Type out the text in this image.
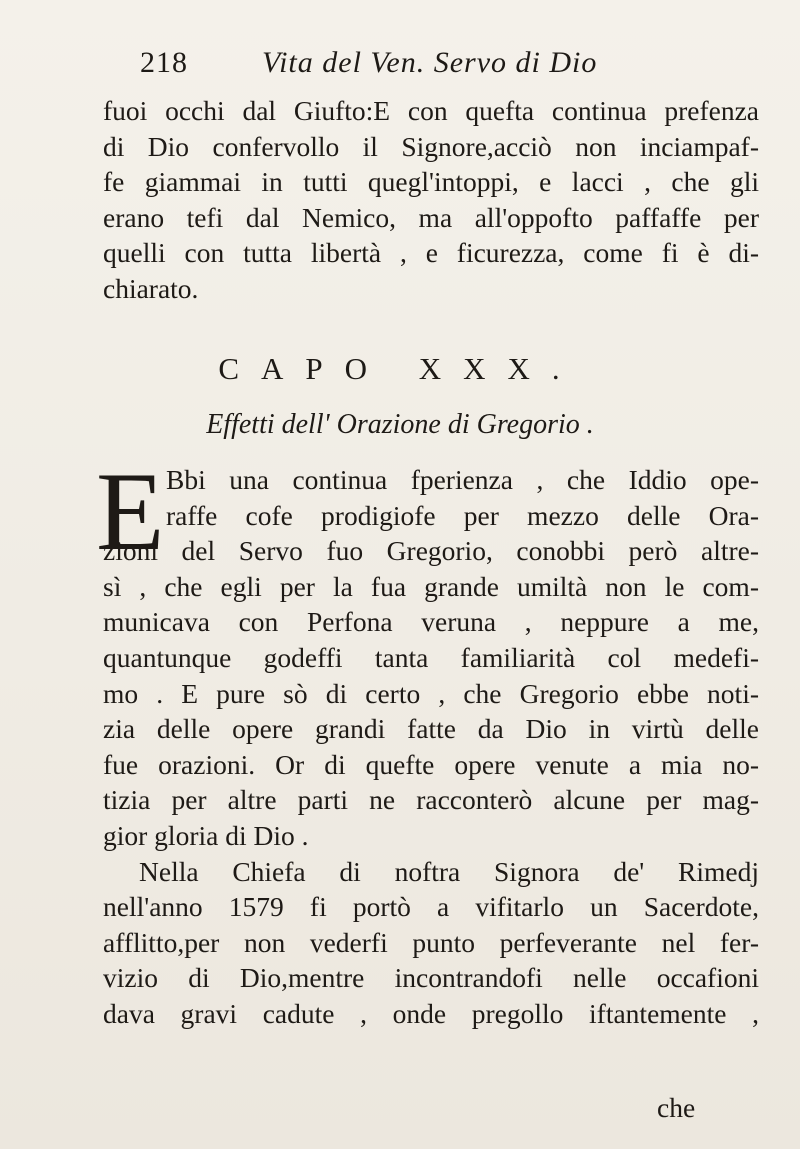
218 Vita del Ven. Servo di Dio
fuoi occhi dal Giufto:E con quefta continua prefenza
di Dio confervollo il Signore,acciò non inciampaf-
fe giammai in tutti quegl'intoppi, e lacci , che gli
erano tefi dal Nemico, ma all'oppofto paffaffe per
quelli con tutta libertà , e ficurezza, come fi è di-
chiarato.
CAPO XXX.
Effetti dell' Orazione di Gregorio .
E Bbi una continua fperienza , che Iddio ope-
raffe cofe prodigiofe per mezzo delle Ora-
zioni del Servo fuo Gregorio, conobbi però altre-
sì , che egli per la fua grande umiltà non le com-
municava con Perfona veruna , neppure a me,
quantunque godeffi tanta familiarità col medefi-
mo . E pure sò di certo , che Gregorio ebbe noti-
zia delle opere grandi fatte da Dio in virtù delle
fue orazioni. Or di quefte opere venute a mia no-
tizia per altre parti ne racconterò alcune per mag-
gior gloria di Dio .
Nella Chiefa di noftra Signora de' Rimedj
nell'anno 1579 fi portò a vifitarlo un Sacerdote,
afflitto,per non vederfi punto perfeverante nel fer-
vizio di Dio,mentre incontrandofi nelle occafioni
dava gravi cadute , onde pregollo iftantemente ,
che
